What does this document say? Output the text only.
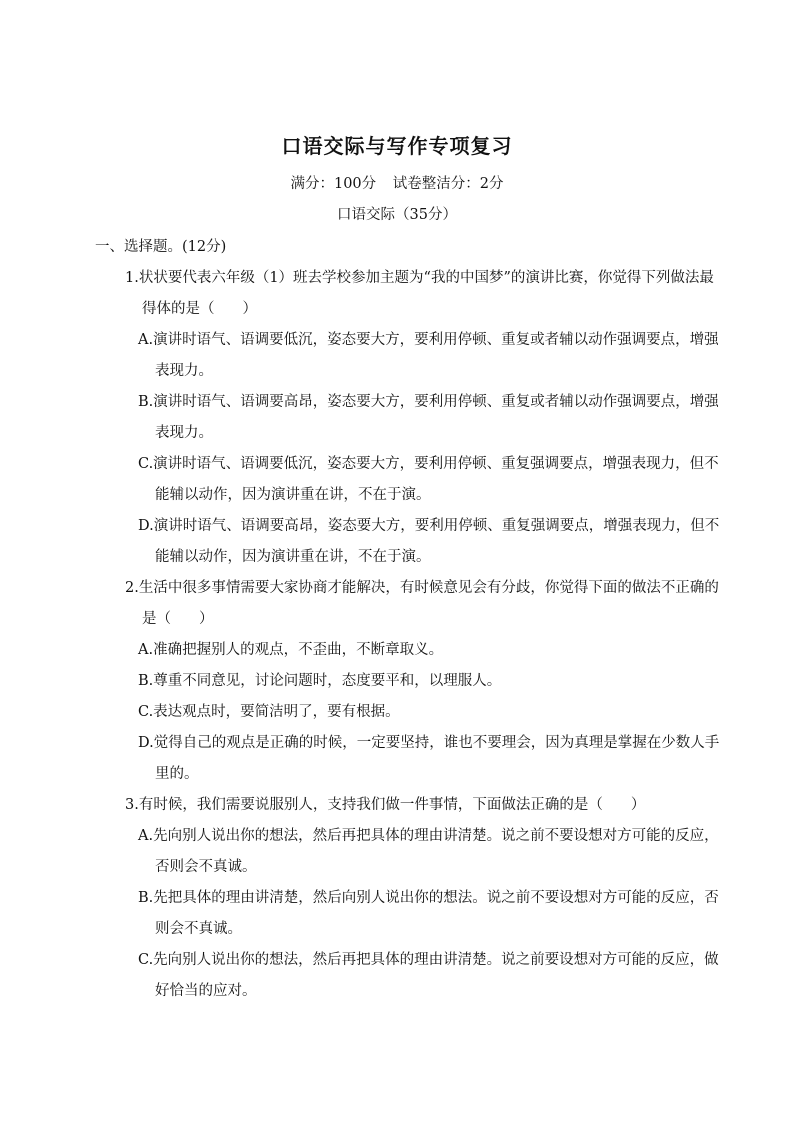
口语交际与写作专项复习
满分：100分 试卷整洁分：2分
口语交际（35分）
一、选择题。(12分)
1.状状要代表六年级（1）班去学校参加主题为“我的中国梦”的演讲比赛，你觉得下列做法最得体的是（ ）
A.演讲时语气、语调要低沉，姿态要大方，要利用停顿、重复或者辅以动作强调要点，增强表现力。
B.演讲时语气、语调要高昂，姿态要大方，要利用停顿、重复或者辅以动作强调要点，增强表现力。
C.演讲时语气、语调要低沉，姿态要大方，要利用停顿、重复强调要点，增强表现力，但不能辅以动作，因为演讲重在讲，不在于演。
D.演讲时语气、语调要高昂，姿态要大方，要利用停顿、重复强调要点，增强表现力，但不能辅以动作，因为演讲重在讲，不在于演。
2.生活中很多事情需要大家协商才能解决，有时候意见会有分歧，你觉得下面的做法不正确的是（ ）
A.准确把握别人的观点，不歪曲，不断章取义。
B.尊重不同意见，讨论问题时，态度要平和，以理服人。
C.表达观点时，要简洁明了，要有根据。
D.觉得自己的观点是正确的时候，一定要坚持，谁也不要理会，因为真理是掌握在少数人手里的。
3.有时候，我们需要说服别人，支持我们做一件事情，下面做法正确的是（ ）
A.先向别人说出你的想法，然后再把具体的理由讲清楚。说之前不要设想对方可能的反应，否则会不真诚。
B.先把具体的理由讲清楚，然后向别人说出你的想法。说之前不要设想对方可能的反应，否则会不真诚。
C.先向别人说出你的想法，然后再把具体的理由讲清楚。说之前要设想对方可能的反应，做好恰当的应对。
